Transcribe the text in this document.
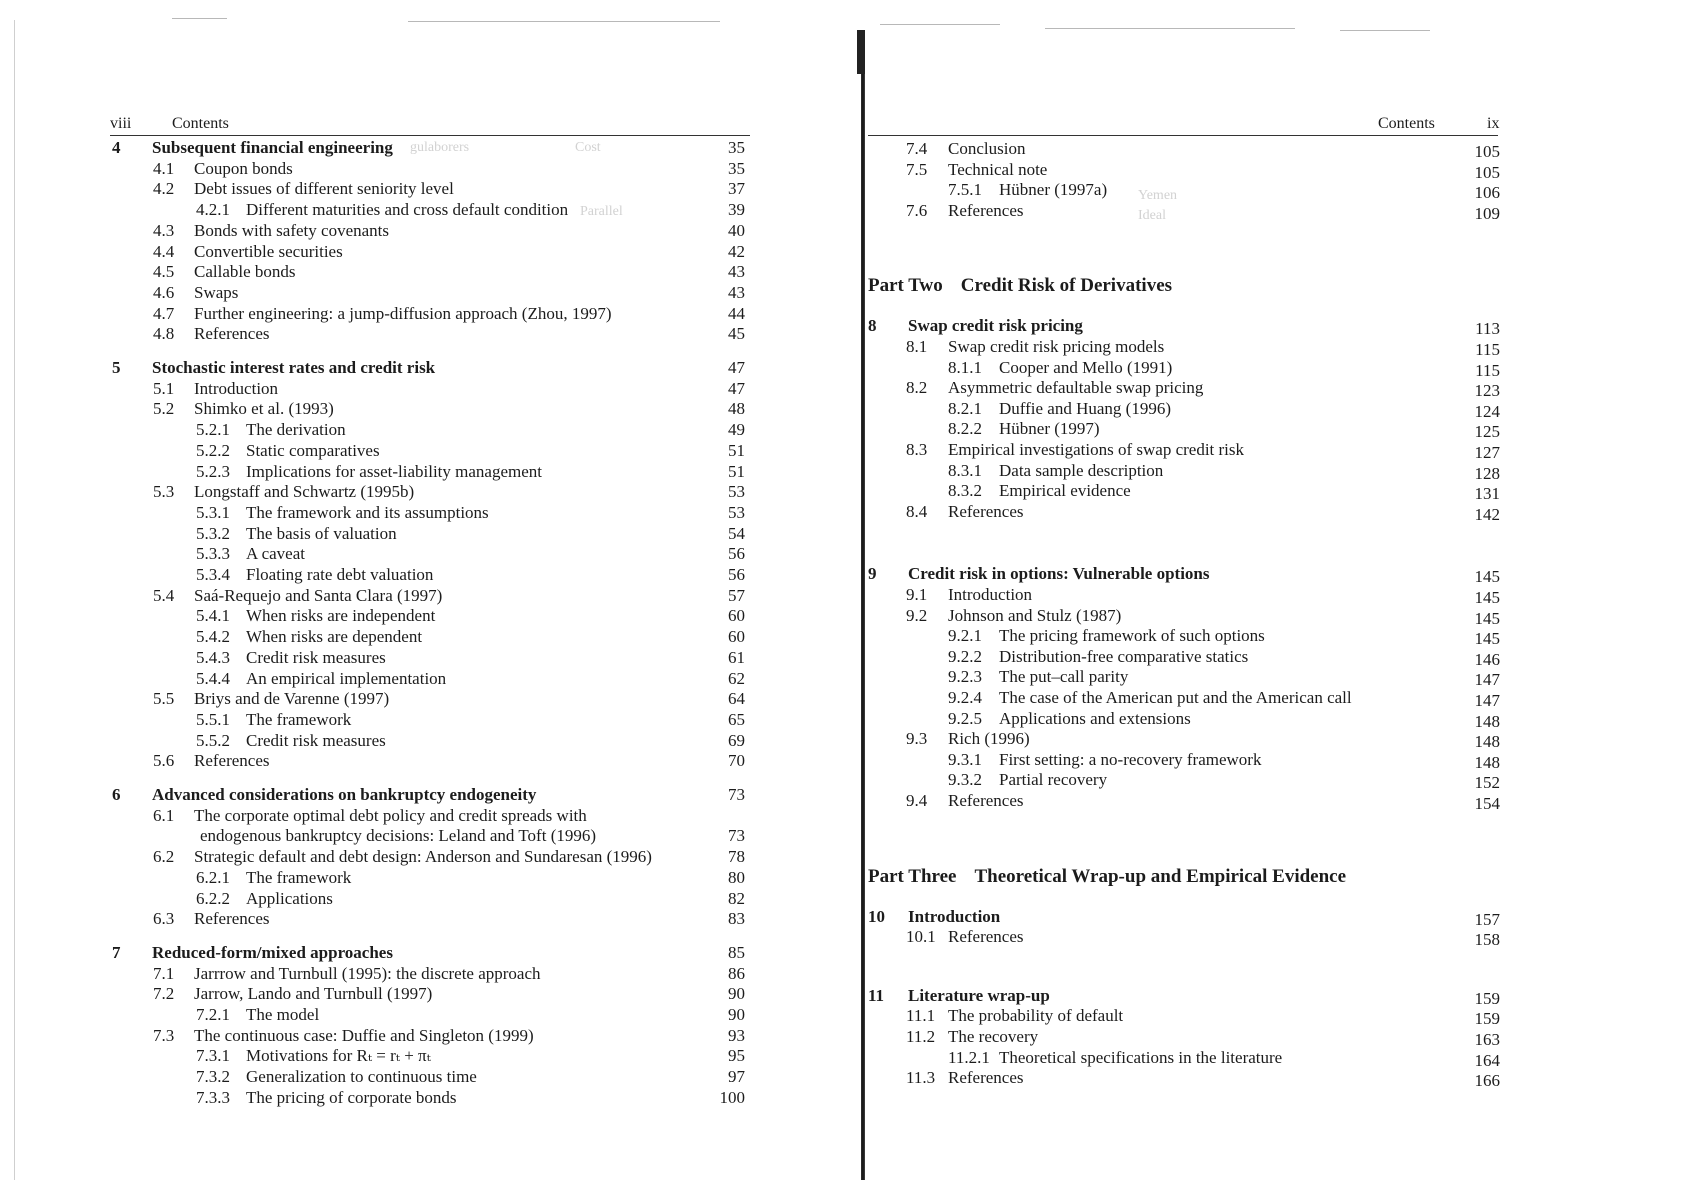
viii	Contents
4 Subsequent financial engineering	35
4.1 Coupon bonds	35
4.2 Debt issues of different seniority level	37
4.2.1 Different maturities and cross default condition	39
4.3 Bonds with safety covenants	40
4.4 Convertible securities	42
4.5 Callable bonds	43
4.6 Swaps	43
4.7 Further engineering: a jump-diffusion approach (Zhou, 1997)	44
4.8 References	45
5 Stochastic interest rates and credit risk	47
5.1 Introduction	47
5.2 Shimko et al. (1993)	48
5.2.1 The derivation	49
5.2.2 Static comparatives	51
5.2.3 Implications for asset-liability management	51
5.3 Longstaff and Schwartz (1995b)	53
5.3.1 The framework and its assumptions	53
5.3.2 The basis of valuation	54
5.3.3 A caveat	56
5.3.4 Floating rate debt valuation	56
5.4 Saá-Requejo and Santa Clara (1997)	57
5.4.1 When risks are independent	60
5.4.2 When risks are dependent	60
5.4.3 Credit risk measures	61
5.4.4 An empirical implementation	62
5.5 Briys and de Varenne (1997)	64
5.5.1 The framework	65
5.5.2 Credit risk measures	69
5.6 References	70
6 Advanced considerations on bankruptcy endogeneity	73
6.1 The corporate optimal debt policy and credit spreads with
endogenous bankruptcy decisions: Leland and Toft (1996)	73
6.2 Strategic default and debt design: Anderson and Sundaresan (1996)	78
6.2.1 The framework	80
6.2.2 Applications	82
6.3 References	83
7 Reduced-form/mixed approaches	85
7.1 Jarrrow and Turnbull (1995): the discrete approach	86
7.2 Jarrow, Lando and Turnbull (1997)	90
7.2.1 The model	90
7.3 The continuous case: Duffie and Singleton (1999)	93
7.3.1 Motivations for Rₜ = rₜ + πₜ	95
7.3.2 Generalization to continuous time	97
7.3.3 The pricing of corporate bonds	100
gulaborers	Cost
Parallel
Contents	ix
7.4 Conclusion	105
7.5 Technical note	105
7.5.1 Hübner (1997a)	106
7.6 References	109
Part Two Credit Risk of Derivatives
8 Swap credit risk pricing	113
8.1 Swap credit risk pricing models	115
8.1.1 Cooper and Mello (1991)	115
8.2 Asymmetric defaultable swap pricing	123
8.2.1 Duffie and Huang (1996)	124
8.2.2 Hübner (1997)	125
8.3 Empirical investigations of swap credit risk	127
8.3.1 Data sample description	128
8.3.2 Empirical evidence	131
8.4 References	142
9 Credit risk in options: Vulnerable options	145
9.1 Introduction	145
9.2 Johnson and Stulz (1987)	145
9.2.1 The pricing framework of such options	145
9.2.2 Distribution-free comparative statics	146
9.2.3 The put–call parity	147
9.2.4 The case of the American put and the American call	147
9.2.5 Applications and extensions	148
9.3 Rich (1996)	148
9.3.1 First setting: a no-recovery framework	148
9.3.2 Partial recovery	152
9.4 References	154
Part Three Theoretical Wrap-up and Empirical Evidence
10 Introduction	157
10.1 References	158
11 Literature wrap-up	159
11.1 The probability of default	159
11.2 The recovery	163
11.2.1 Theoretical specifications in the literature	164
11.3 References	166
Yemen
Ideal
